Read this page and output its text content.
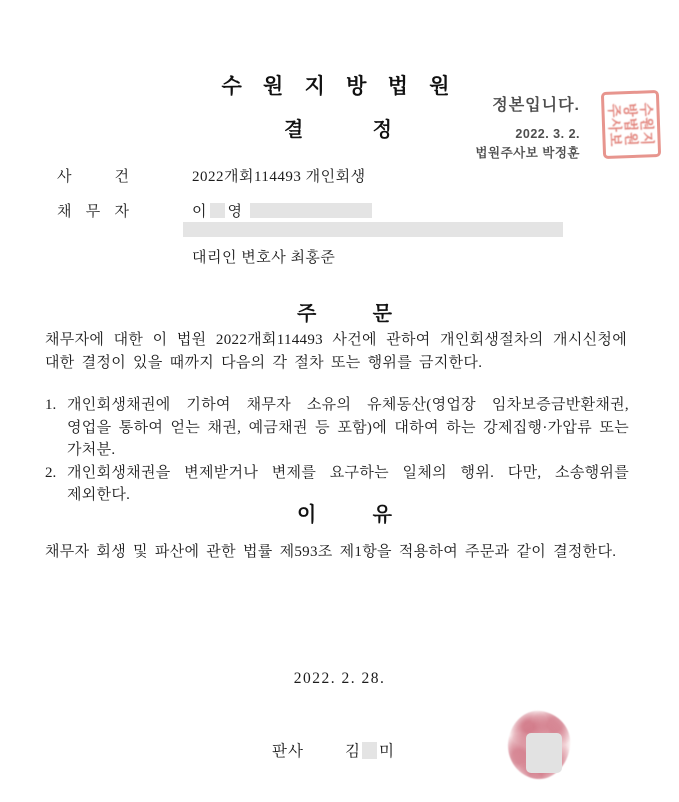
수 원 지 방 법 원
결 정
정본입니다.
2022. 3. 2.
법원주사보 박정훈
수원지
방법원
주사보
사 건	2022개회114493 개인회생
채 무 자	이 영
대리인 변호사 최홍준
주 문
채무자에 대한 이 법원 2022개회114493 사건에 관하여 개인회생절차의 개시신청에 대한 결정이 있을 때까지 다음의 각 절차 또는 행위를 금지한다.
1. 개인회생채권에 기하여 채무자 소유의 유체동산(영업장 임차보증금반환채권, 영업을 통하여 얻는 채권, 예금채권 등 포함)에 대하여 하는 강제집행·가압류 또는 가처분.
2. 개인회생채권을 변제받거나 변제를 요구하는 일체의 행위. 다만, 소송행위를 제외한다.
이 유
채무자 회생 및 파산에 관한 법률 제593조 제1항을 적용하여 주문과 같이 결정한다.
2022. 2. 28.
판사	김 미
